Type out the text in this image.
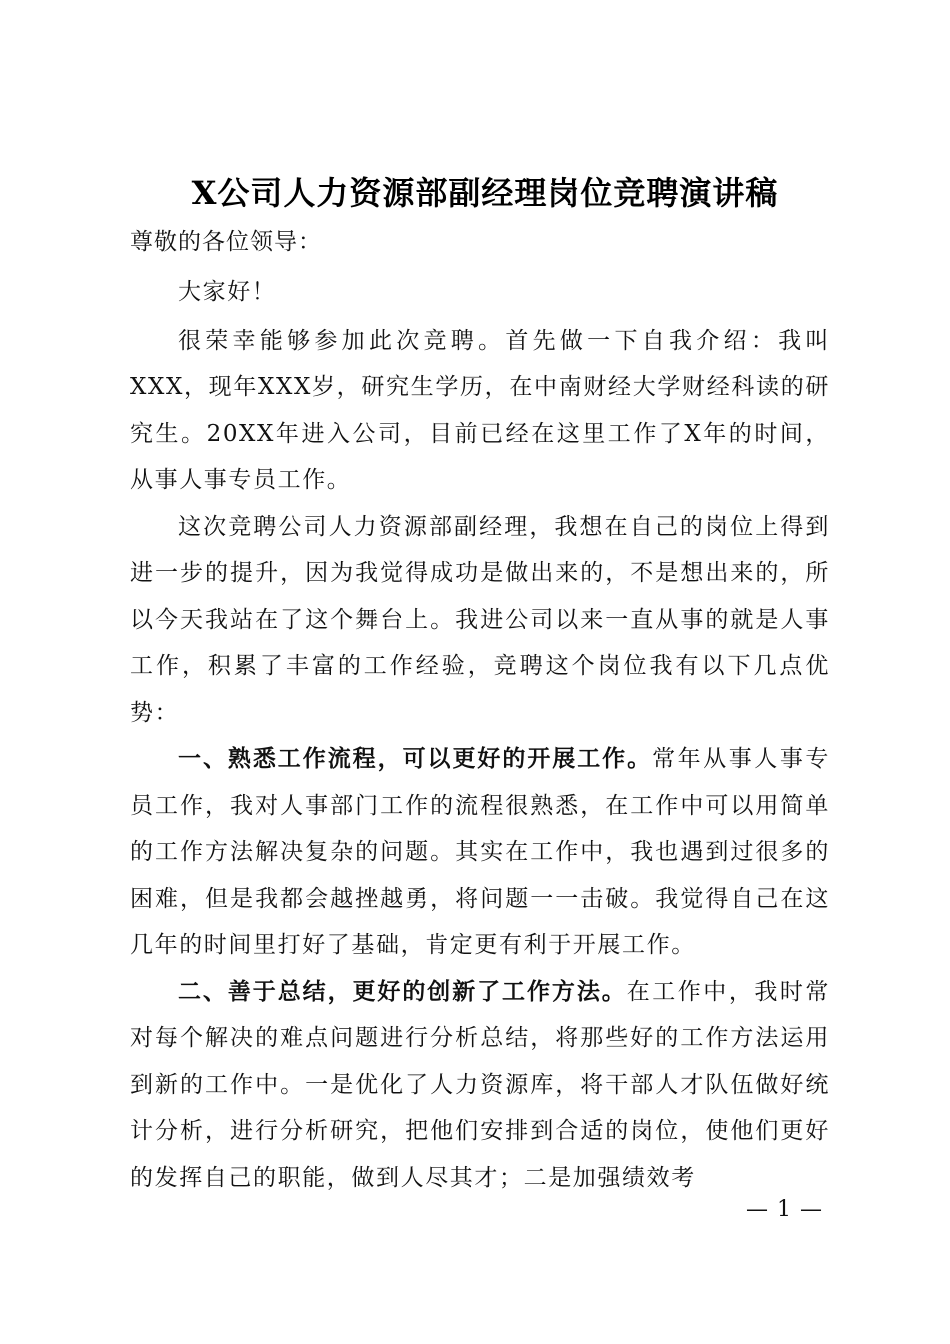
X公司人力资源部副经理岗位竞聘演讲稿

尊敬的各位领导：

大家好！

很荣幸能够参加此次竞聘。首先做一下自我介绍：我叫XXX，现年XXX岁，研究生学历，在中南财经大学财经科读的研究生。20XX年进入公司，目前已经在这里工作了X年的时间，从事人事专员工作。

这次竞聘公司人力资源部副经理，我想在自己的岗位上得到进一步的提升，因为我觉得成功是做出来的，不是想出来的，所以今天我站在了这个舞台上。我进公司以来一直从事的就是人事工作，积累了丰富的工作经验，竞聘这个岗位我有以下几点优势：

一、熟悉工作流程，可以更好的开展工作。常年从事人事专员工作，我对人事部门工作的流程很熟悉，在工作中可以用简单的工作方法解决复杂的问题。其实在工作中，我也遇到过很多的困难，但是我都会越挫越勇，将问题一一击破。我觉得自己在这几年的时间里打好了基础，肯定更有利于开展工作。

二、善于总结，更好的创新了工作方法。在工作中，我时常对每个解决的难点问题进行分析总结，将那些好的工作方法运用到新的工作中。一是优化了人力资源库，将干部人才队伍做好统计分析，进行分析研究，把他们安排到合适的岗位，使他们更好的发挥自己的职能，做到人尽其才；二是加强绩效考

— 1 —
